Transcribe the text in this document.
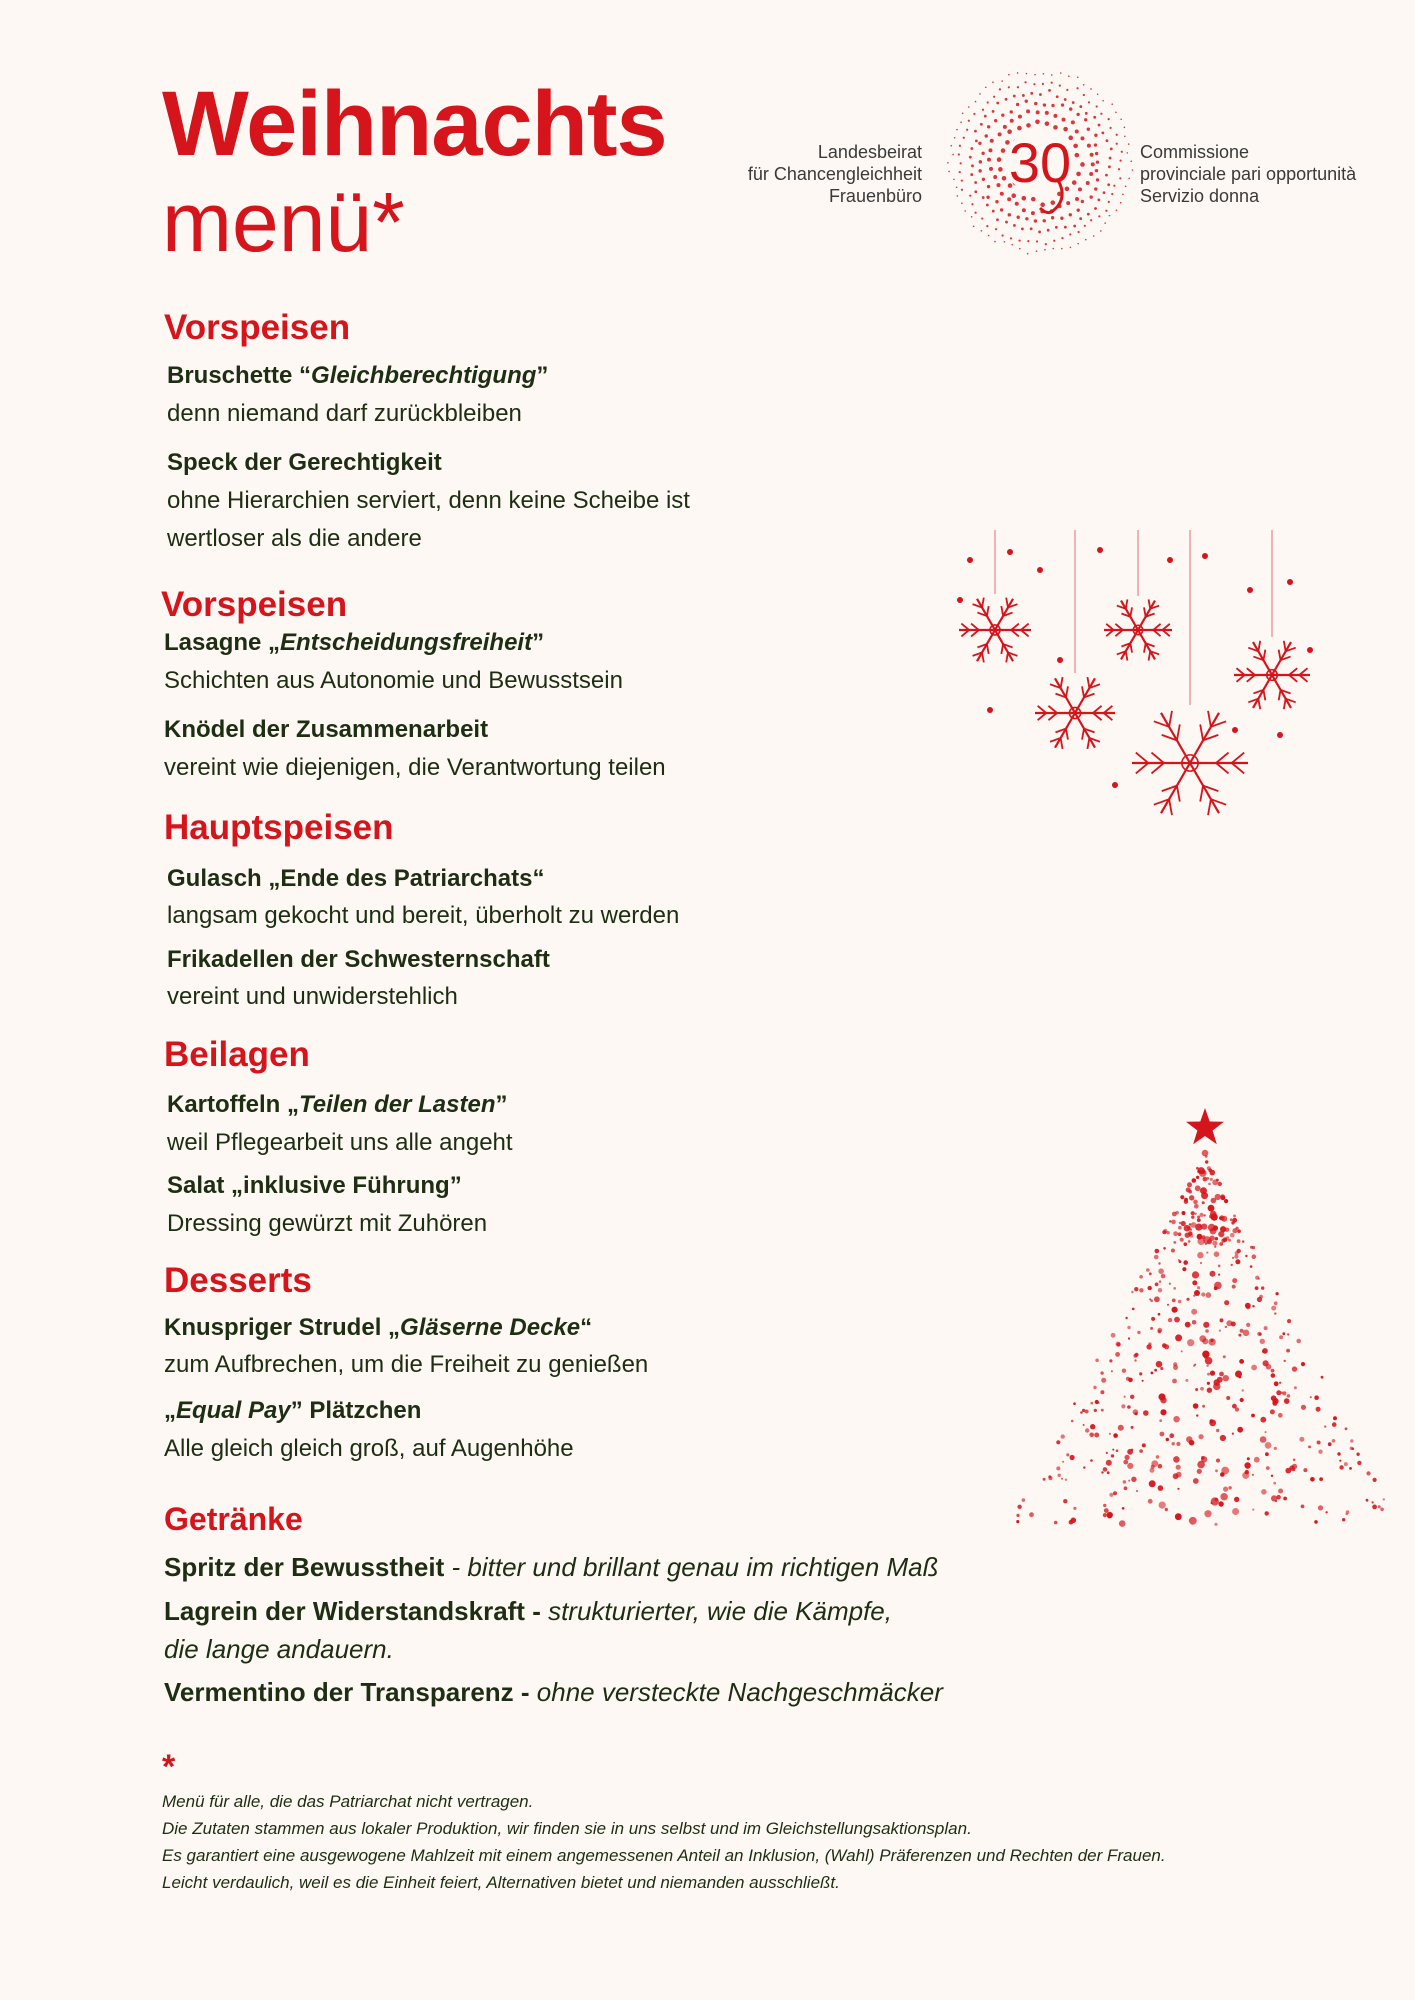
Weihnachts
menü*
Landesbeirat
für Chancengleichheit
Frauenbüro
30	Commissione
provinciale pari opportunità
Servizio donna
Vorspeisen
Bruschette “Gleichberechtigung”
denn niemand darf zurückbleiben
Speck der Gerechtigkeit
ohne Hierarchien serviert, denn keine Scheibe ist
wertloser als die andere
Vorspeisen
Lasagne „Entscheidungsfreiheit”
Schichten aus Autonomie und Bewusstsein
Knödel der Zusammenarbeit
vereint wie diejenigen, die Verantwortung teilen
Hauptspeisen
Gulasch „Ende des Patriarchats“
langsam gekocht und bereit, überholt zu werden
Frikadellen der Schwesternschaft
vereint und unwiderstehlich
Beilagen
Kartoffeln „Teilen der Lasten”
weil Pflegearbeit uns alle angeht
Salat „inklusive Führung”
Dressing gewürzt mit Zuhören
Desserts
Knuspriger Strudel „Gläserne Decke“
zum Aufbrechen, um die Freiheit zu genießen
„Equal Pay” Plätzchen
Alle gleich gleich groß, auf Augenhöhe
Getränke
Spritz der Bewusstheit - bitter und brillant genau im richtigen Maß
Lagrein der Widerstandskraft - strukturierter, wie die Kämpfe,
die lange andauern.
Vermentino der Transparenz - ohne versteckte Nachgeschmäcker
*
Menü für alle, die das Patriarchat nicht vertragen.
Die Zutaten stammen aus lokaler Produktion, wir finden sie in uns selbst und im Gleichstellungsaktionsplan.
Es garantiert eine ausgewogene Mahlzeit mit einem angemessenen Anteil an Inklusion, (Wahl) Präferenzen und Rechten der Frauen.
Leicht verdaulich, weil es die Einheit feiert, Alternativen bietet und niemanden ausschließt.
